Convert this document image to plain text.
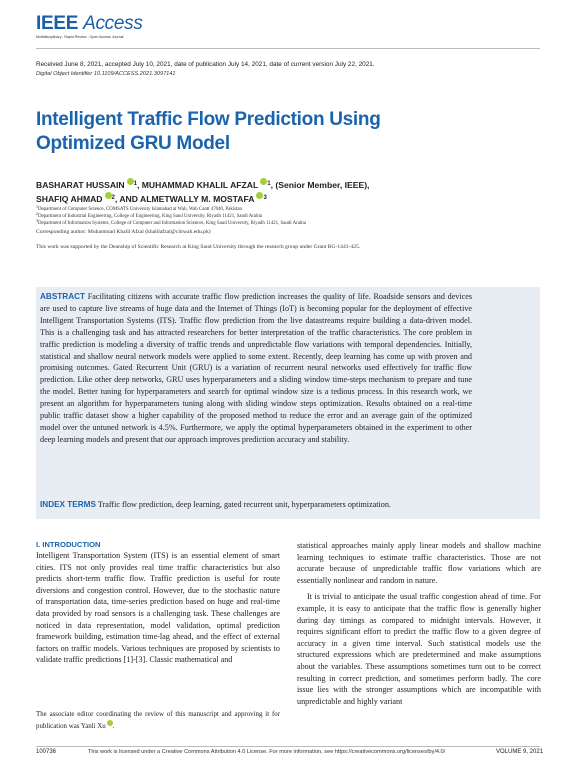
IEEE Access
Multidisciplinary : Rapid Review : Open Access Journal
Received June 8, 2021, accepted July 10, 2021, date of publication July 14, 2021, date of current version July 22, 2021.
Digital Object Identifier 10.1109/ACCESS.2021.3097141
Intelligent Traffic Flow Prediction Using Optimized GRU Model
BASHARAT HUSSAIN $^1$, MUHAMMAD KHALIL AFZAL $^1$, (Senior Member, IEEE),
SHAFIQ AHMAD $^2$, AND ALMETWALLY M. MOSTAFA $^3$
$^1$Department of Computer Science, COMSATS University Islamabad at Wah, Wah Cantt 47040, Pakistan
$^2$Department of Industrial Engineering, College of Engineering, King Saud University, Riyadh 11421, Saudi Arabia
$^3$Department of Information Systems, College of Computer and Information Sciences, King Saud University, Riyadh 11421, Saudi Arabia
Corresponding author: Muhammad Khalil Afzal (khalilafzal@ciitwah.edu.pk)
This work was supported by the Deanship of Scientific Research at King Saud University through the research group under Grant RG-1441-425.
ABSTRACT Facilitating citizens with accurate traffic flow prediction increases the quality of life. Roadside sensors and devices are used to capture live streams of huge data and the Internet of Things (IoT) is becoming popular for the deployment of effective Intelligent Transportation Systems (ITS). Traffic flow prediction from the live datastreams require building a data-driven model. This is a challenging task and has attracted researchers for better interpretation of the traffic characteristics. The core problem in traffic prediction is modeling a diversity of traffic trends and unpredictable flow variations with temporal dependencies. Initially, statistical and shallow neural network models were applied to some extent. Recently, deep learning has come up with proven and promising outcomes. Gated Recurrent Unit (GRU) is a variation of recurrent neural networks used effectively for traffic flow prediction. Like other deep networks, GRU uses hyperparameters and a sliding window time-steps mechanism to prepare and tune the model. Better tuning for hyperparameters and search for optimal window size is a tedious process. In this research work, we present an algorithm for hyperparameters tuning along with sliding window steps optimization. Results obtained on a real-time public traffic dataset show a higher capability of the proposed method to reduce the error and an average gain of the optimized model over the untuned network is 4.5%. Furthermore, we apply the optimal hyperparameters obtained in the experiment to other deep learning models and present that our approach improves prediction accuracy and stability.
INDEX TERMS Traffic flow prediction, deep learning, gated recurrent unit, hyperparameters optimization.
I. INTRODUCTION

Intelligent Transportation System (ITS) is an essential element of smart cities. ITS not only provides real time traffic characteristics but also predicts short-term traffic flow. Traffic prediction is useful for route diversions and congestion control. However, due to the stochastic nature of transportation data, time-series prediction based on huge and real-time data provided by road sensors is a challenging task. These challenges are noticed in data representation, model validation, optimal prediction framework building, estimation time-lag ahead, and the effect of external factors on traffic models. Various techniques are proposed by scientists to validate traffic predictions [1]-[3]. Classic mathematical and

statistical approaches mainly apply linear models and shallow machine learning techniques to estimate traffic characteristics. Those are not accurate because of unpredictable traffic flow variations which are essentially nonlinear and random in nature.

It is trivial to anticipate the usual traffic congestion ahead of time. For example, it is easy to anticipate that the traffic flow is generally higher during day timings as compared to midnight intervals. However, it requires significant effort to predict the traffic flow to a given degree of accuracy in a given time interval. Such statistical models use the structured expressions which are predetermined and make assumptions about the variables. These assumptions sometimes turn out to be correct resulting in correct prediction, and sometimes perform badly. The core issue lies with the stronger assumptions which are incompatible with unpredictable and highly variant

The associate editor coordinating the review of this manuscript and approving it for publication was Yanli Xu .
100736	This work is licensed under a Creative Commons Attribution 4.0 License. For more information, see https://creativecommons.org/licenses/by/4.0/	VOLUME 9, 2021
